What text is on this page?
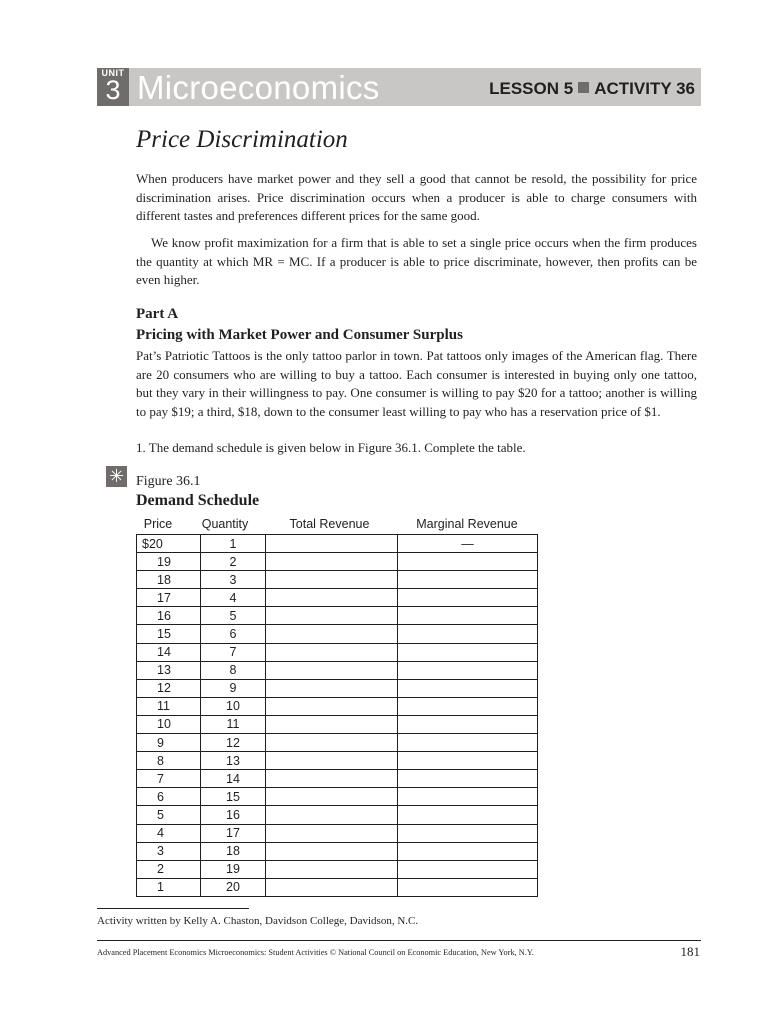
UNIT
3 Microeconomics	LESSON 5 ACTIVITY 36
Price Discrimination

When producers have market power and they sell a good that cannot be resold, the possibility for price discrimination arises. Price discrimination occurs when a producer is able to charge consumers with different tastes and preferences different prices for the same good.

We know profit maximization for a firm that is able to set a single price occurs when the firm produces the quantity at which MR = MC. If a producer is able to price discriminate, however, then profits can be even higher.

Part A
Pricing with Market Power and Consumer Surplus

Pat’s Patriotic Tattoos is the only tattoo parlor in town. Pat tattoos only images of the American flag. There are 20 consumers who are willing to buy a tattoo. Each consumer is interested in buying only one tattoo, but they vary in their willingness to pay. One consumer is willing to pay $20 for a tattoo; another is willing to pay $19; a third, $18, down to the consumer least willing to pay who has a reservation price of $1.

1. The demand schedule is given below in Figure 36.1. Complete the table.

✳ Figure 36.1

Demand Schedule

Price	Quantity	Total Revenue	Marginal Revenue
$20	1		—
19	2		
18	3		
17	4		
16	5		
15	6		
14	7		
13	8		
12	9		
11	10		
10	11		
9	12		
8	13		
7	14		
6	15		
5	16		
4	17		
3	18		
2	19		
1	20		

Activity written by Kelly A. Chaston, Davidson College, Davidson, N.C.

Advanced Placement Economics Microeconomics: Student Activities © National Council on Economic Education, New York, N.Y.	181
